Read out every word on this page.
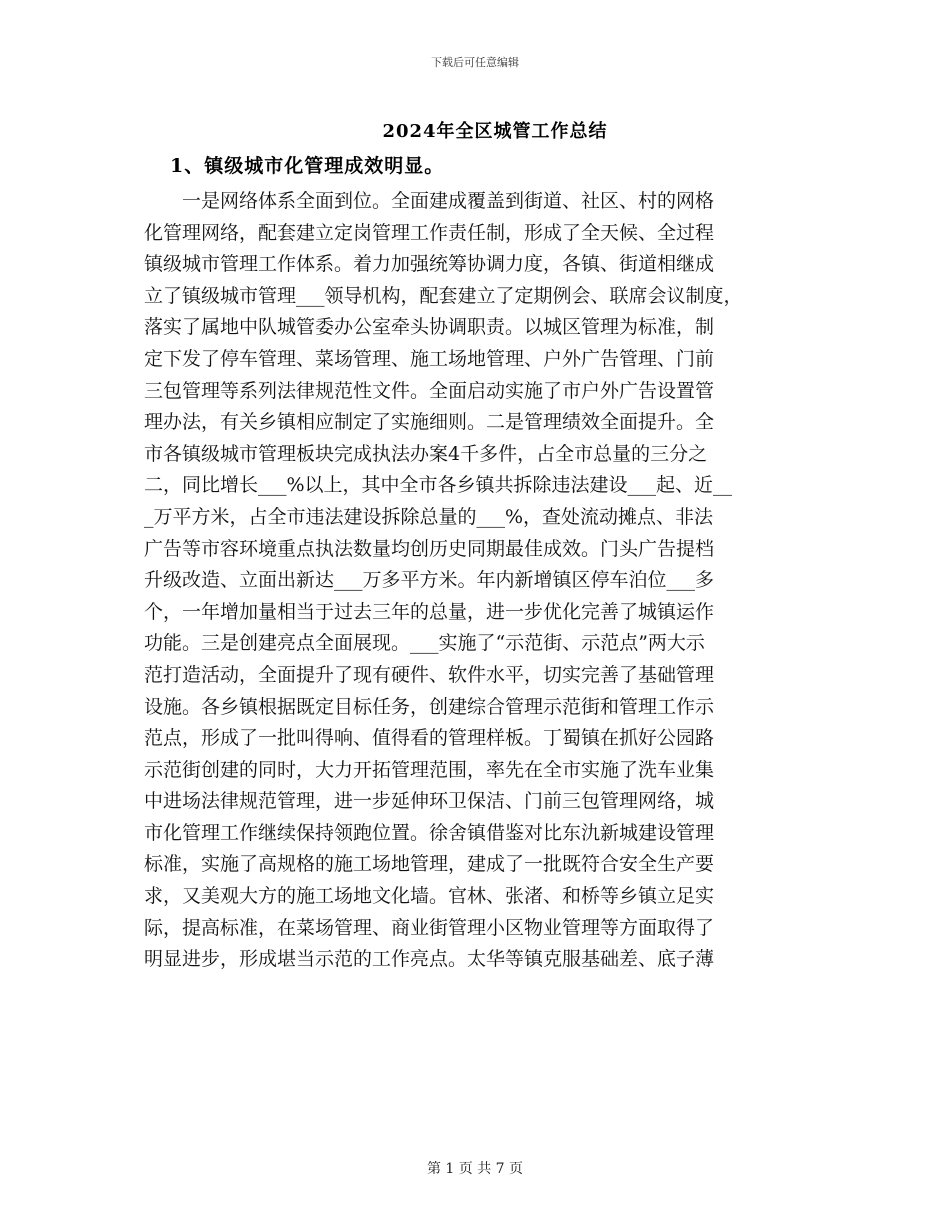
下载后可任意编辑
2024年全区城管工作总结
1、镇级城市化管理成效明显。
　　一是网络体系全面到位。全面建成覆盖到街道、社区、村的网格
化管理网络，配套建立定岗管理工作责任制，形成了全天候、全过程
镇级城市管理工作体系。着力加强统筹协调力度，各镇、街道相继成
立了镇级城市管理___领导机构，配套建立了定期例会、联席会议制度，
落实了属地中队城管委办公室牵头协调职责。以城区管理为标准，制
定下发了停车管理、菜场管理、施工场地管理、户外广告管理、门前
三包管理等系列法律规范性文件。全面启动实施了市户外广告设置管
理办法，有关乡镇相应制定了实施细则。二是管理绩效全面提升。全
市各镇级城市管理板块完成执法办案4千多件，占全市总量的三分之
二，同比增长___%以上，其中全市各乡镇共拆除违法建设___起、近__
_万平方米，占全市违法建设拆除总量的___%，查处流动摊点、非法
广告等市容环境重点执法数量均创历史同期最佳成效。门头广告提档
升级改造、立面出新达___万多平方米。年内新增镇区停车泊位___多
个，一年增加量相当于过去三年的总量，进一步优化完善了城镇运作
功能。三是创建亮点全面展现。___实施了“示范街、示范点”两大示
范打造活动，全面提升了现有硬件、软件水平，切实完善了基础管理
设施。各乡镇根据既定目标任务，创建综合管理示范街和管理工作示
范点，形成了一批叫得响、值得看的管理样板。丁蜀镇在抓好公园路
示范街创建的同时，大力开拓管理范围，率先在全市实施了洗车业集
中进场法律规范管理，进一步延伸环卫保洁、门前三包管理网络，城
市化管理工作继续保持领跑位置。徐舍镇借鉴对比东氿新城建设管理
标准，实施了高规格的施工场地管理，建成了一批既符合安全生产要
求，又美观大方的施工场地文化墙。官林、张渚、和桥等乡镇立足实
际，提高标准，在菜场管理、商业街管理小区物业管理等方面取得了
明显进步，形成堪当示范的工作亮点。太华等镇克服基础差、底子薄
第 1 页 共 7 页
